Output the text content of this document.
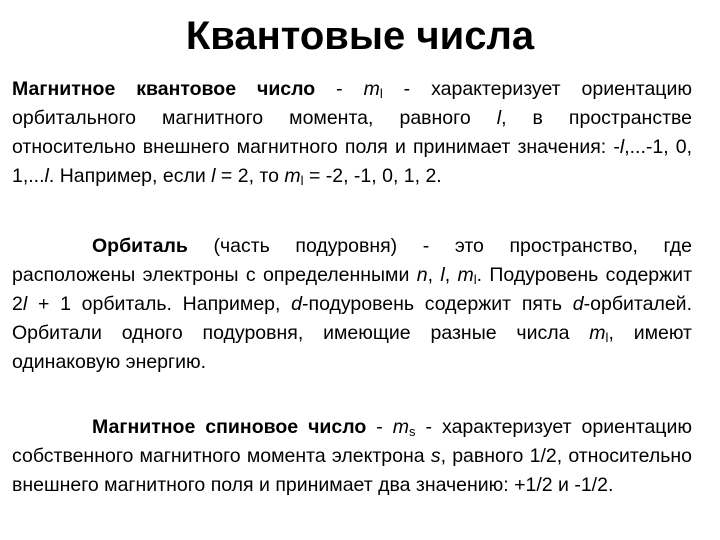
Квантовые числа

Магнитное квантовое число - $m_l$ - характеризует ориентацию орбитального магнитного момента, равного l, в пространстве относительно внешнего магнитного поля и принимает значения: -l,...-1, 0, 1,...l. Например, если l = 2, то $m_l = -2$, -1, 0, 1, 2.

Орбиталь (часть подуровня) - это пространство, где расположены электроны с определенными n, l, $m_l$. Подуровень содержит 2l + 1 орбиталь. Например, d-подуровень содержит пять d-орбиталей. Орбитали одного подуровня, имеющие разные числа $m_l$, имеют одинаковую энергию.

Магнитное спиновое число - $m_s$ - характеризует ориентацию собственного магнитного момента электрона s, равного 1/2, относительно внешнего магнитного поля и принимает два значению: +1/2 и -1/2.
